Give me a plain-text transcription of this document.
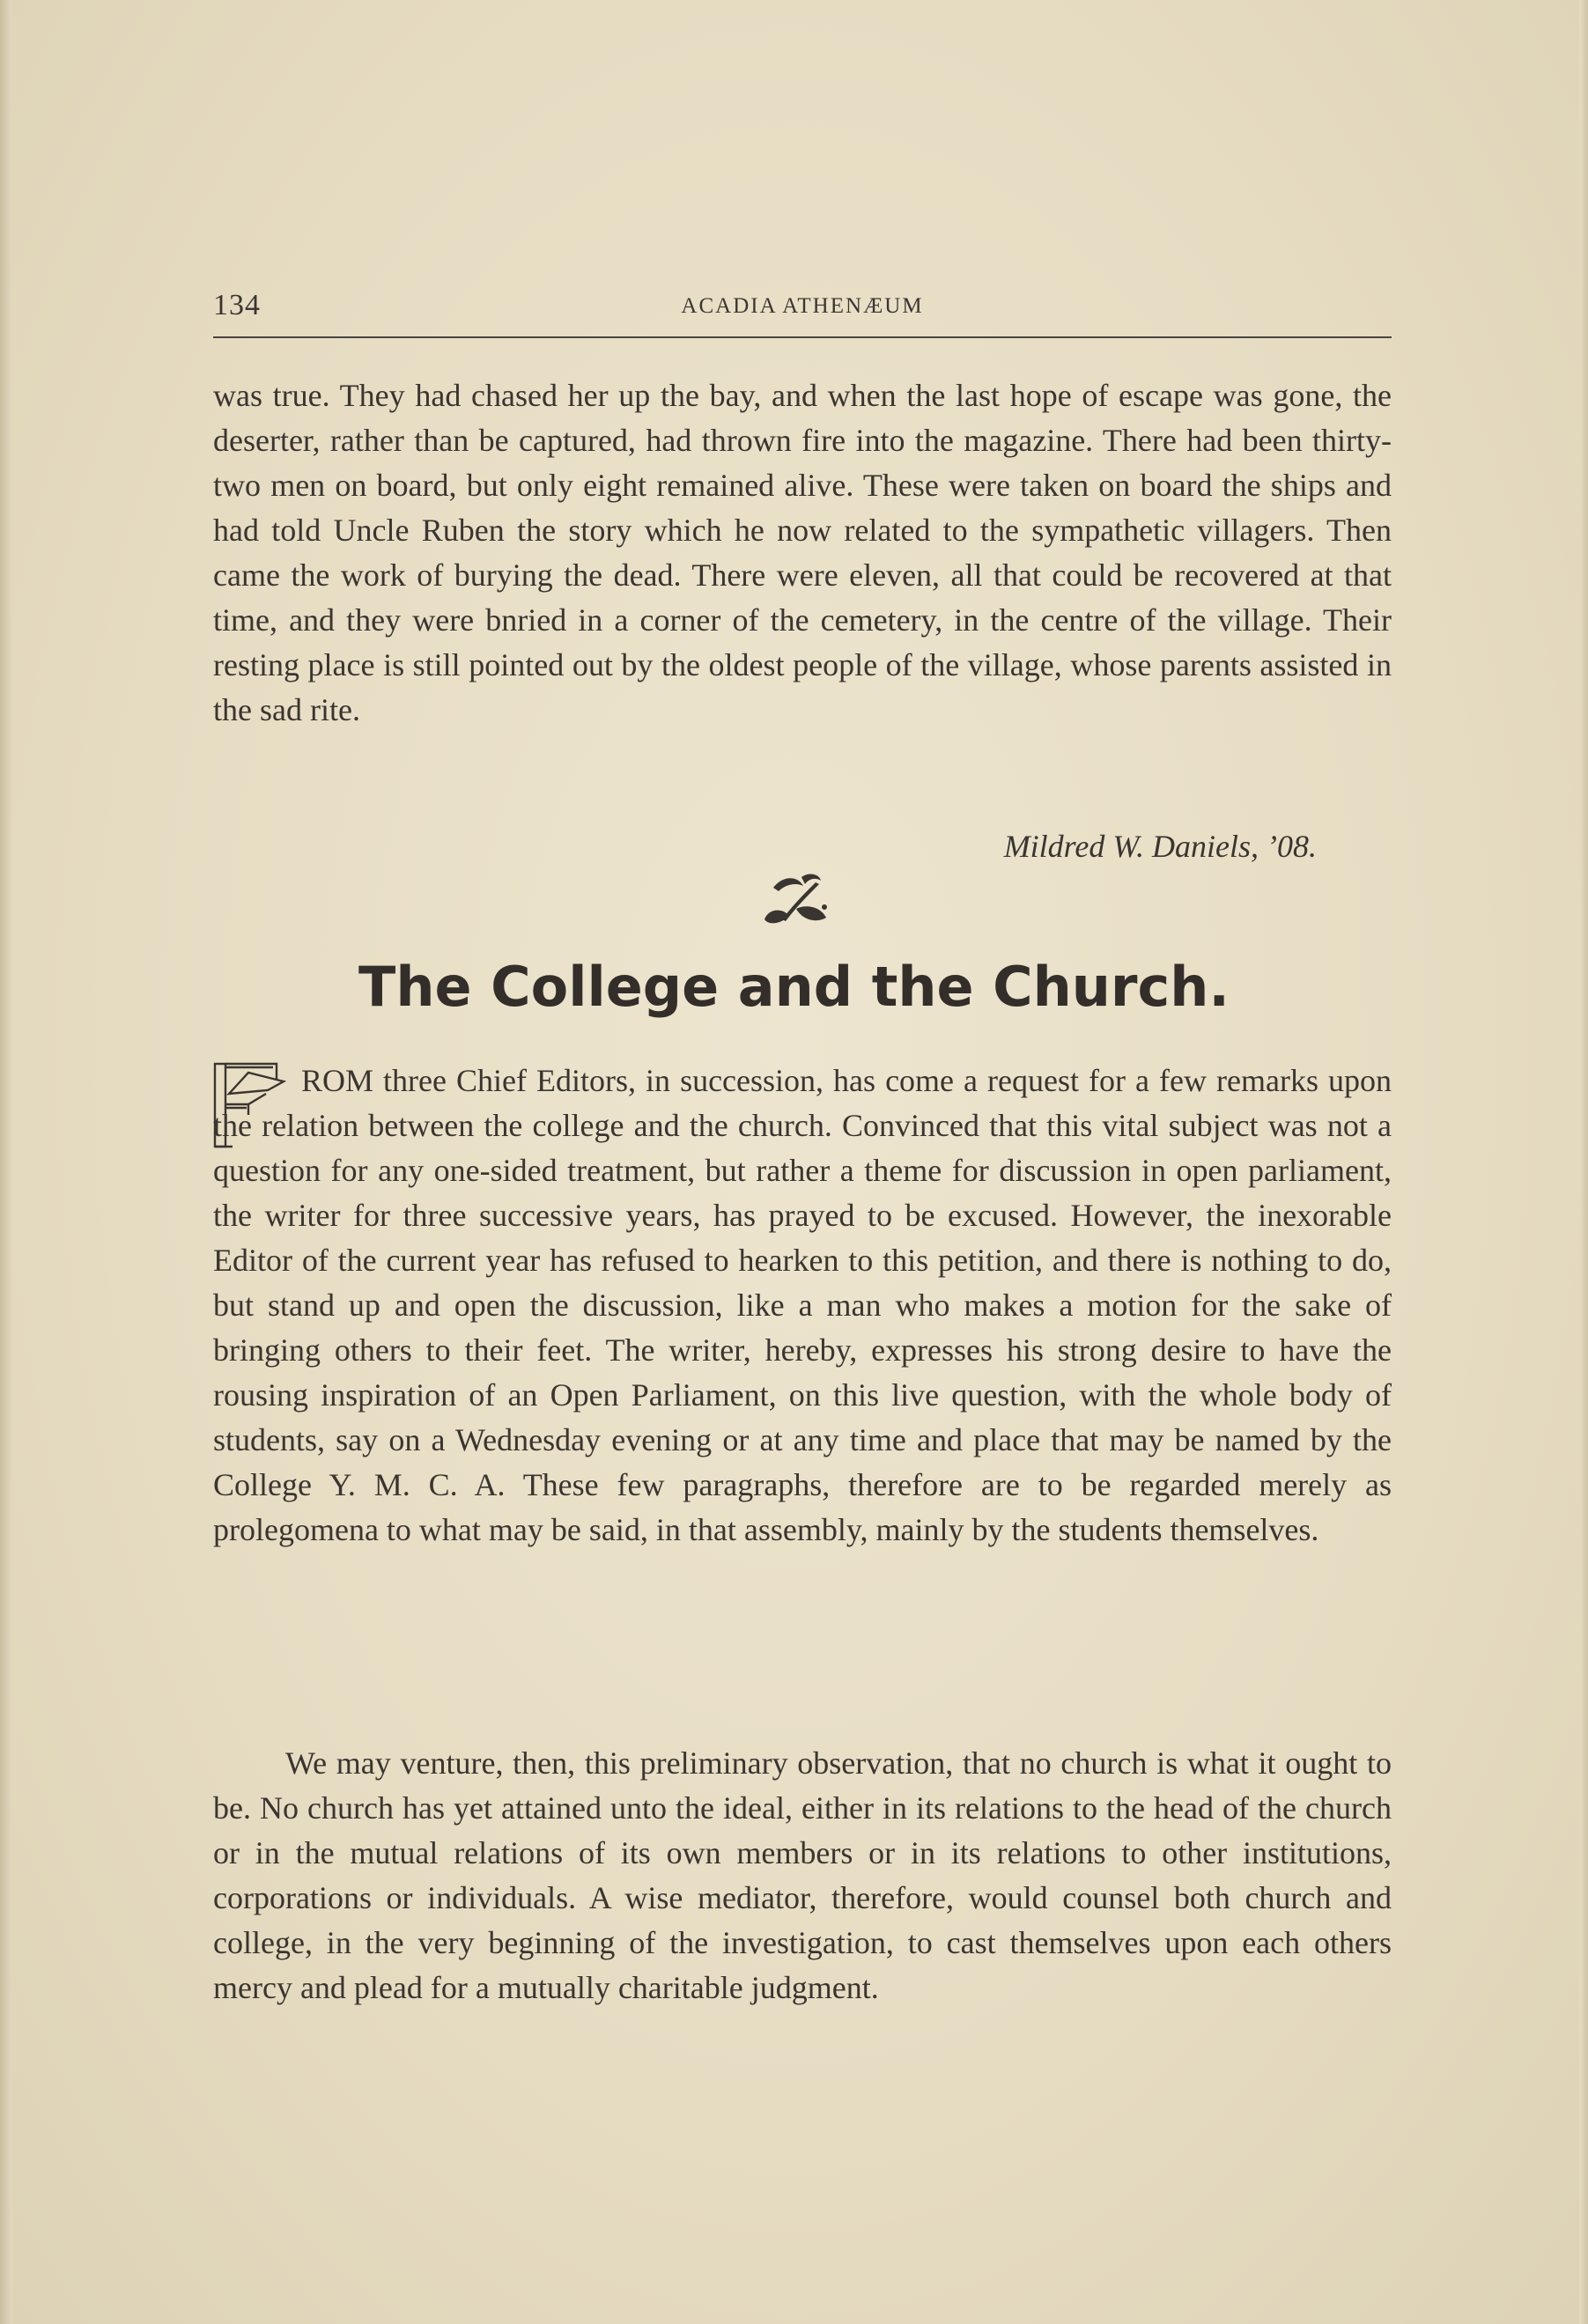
134	ACADIA ATHENÆUM

was true. They had chased her up the bay, and when the last hope of escape was gone, the deserter, rather than be captured, had thrown fire into the magazine. There had been thirty-two men on board, but only eight remained alive. These were taken on board the ships and had told Uncle Ruben the story which he now related to the sympathetic villagers. Then came the work of burying the dead. There were eleven, all that could be recovered at that time, and they were bnried in a corner of the cemetery, in the centre of the village. Their resting place is still pointed out by the oldest people of the village, whose parents assisted in the sad rite.

Mildred W. Daniels, ’08.
The College and the Church.

ROM three Chief Editors, in succession, has come a request for a few remarks upon the relation between the college and the church. Convinced that this vital subject was not a question for any one-sided treatment, but rather a theme for discussion in open parliament, the writer for three successive years, has prayed to be excused. However, the inexorable Editor of the current year has refused to hearken to this petition, and there is nothing to do, but stand up and open the discussion, like a man who makes a motion for the sake of bringing others to their feet. The writer, hereby, expresses his strong desire to have the rousing inspiration of an Open Parliament, on this live question, with the whole body of students, say on a Wednesday evening or at any time and place that may be named by the College Y. M. C. A. These few paragraphs, therefore are to be regarded merely as prolegomena to what may be said, in that assembly, mainly by the students themselves.

We may venture, then, this preliminary observation, that no church is what it ought to be. No church has yet attained unto the ideal, either in its relations to the head of the church or in the mutual relations of its own members or in its relations to other institutions, corporations or individuals. A wise mediator, therefore, would counsel both church and college, in the very beginning of the investigation, to cast themselves upon each others mercy and plead for a mutually charitable judgment.
